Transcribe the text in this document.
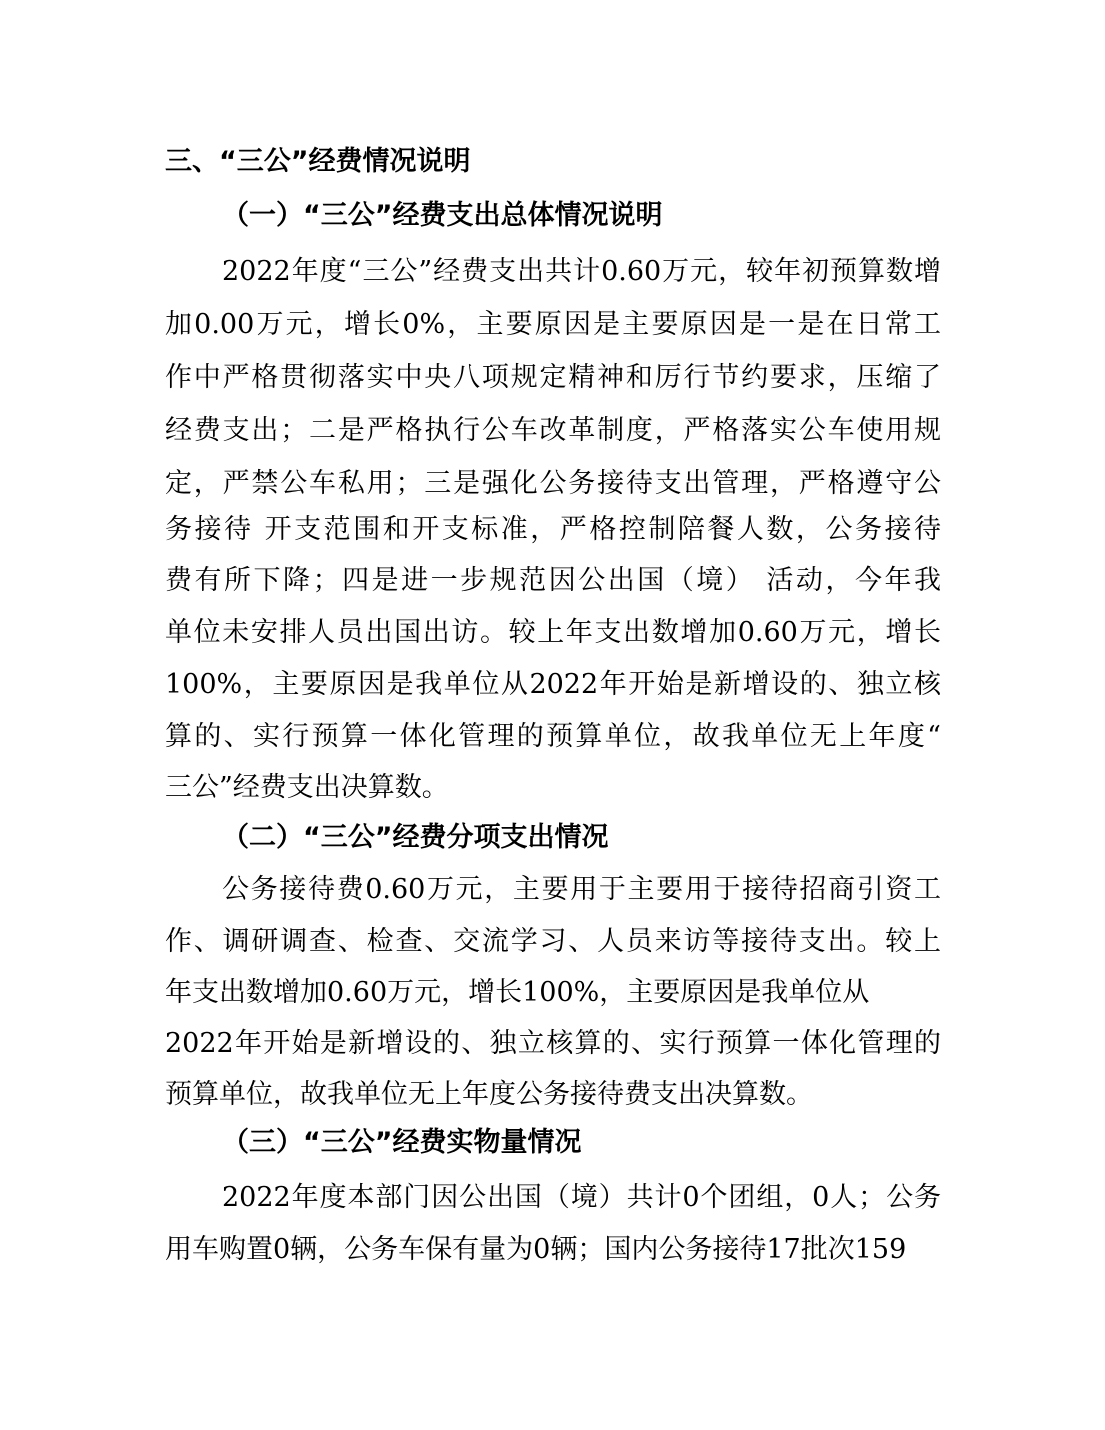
三、“三公”经费情况说明
（一）“三公”经费支出总体情况说明
2022年度“三公”经费支出共计0.60万元，较年初预算数增
加0.00万元，增长0%，主要原因是主要原因是一是在日常工
作中严格贯彻落实中央八项规定精神和厉行节约要求，压缩了
经费支出；二是严格执行公车改革制度，严格落实公车使用规
定，严禁公车私用；三是强化公务接待支出管理，严格遵守公
务接待 开支范围和开支标准，严格控制陪餐人数，公务接待
费有所下降；四是进一步规范因公出国（境） 活动，今年我
单位未安排人员出国出访。较上年支出数增加0.60万元，增长
100%，主要原因是我单位从2022年开始是新增设的、独立核
算的、实行预算一体化管理的预算单位，故我单位无上年度“
三公”经费支出决算数。
（二）“三公”经费分项支出情况
公务接待费0.60万元，主要用于主要用于接待招商引资工
作、调研调查、检查、交流学习、人员来访等接待支出。较上
年支出数增加0.60万元，增长100%，主要原因是我单位从
2022年开始是新增设的、独立核算的、实行预算一体化管理的
预算单位，故我单位无上年度公务接待费支出决算数。
（三）“三公”经费实物量情况
2022年度本部门因公出国（境）共计0个团组，0人；公务
用车购置0辆，公务车保有量为0辆；国内公务接待17批次159
